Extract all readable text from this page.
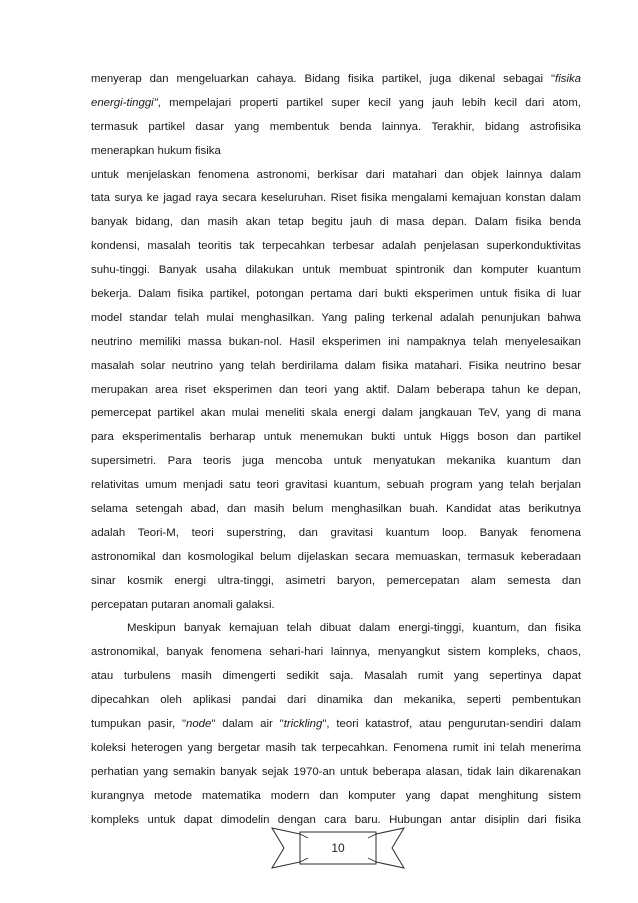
menyerap dan mengeluarkan cahaya. Bidang fisika partikel, juga dikenal sebagai "fisika
energi-tinggi", mempelajari properti partikel super kecil yang jauh lebih kecil dari atom,
termasuk partikel dasar yang membentuk benda lainnya. Terakhir, bidang astrofisika
menerapkan hukum fisika
untuk menjelaskan fenomena astronomi, berkisar dari matahari dan objek lainnya dalam
tata surya ke jagad raya secara keseluruhan. Riset fisika mengalami kemajuan konstan dalam
banyak bidang, dan masih akan tetap begitu jauh di masa depan. Dalam fisika benda
kondensi, masalah teoritis tak terpecahkan terbesar adalah penjelasan superkonduktivitas
suhu-tinggi. Banyak usaha dilakukan untuk membuat spintronik dan komputer kuantum
bekerja. Dalam fisika partikel, potongan pertama dari bukti eksperimen untuk fisika di luar
model standar telah mulai menghasilkan. Yang paling terkenal adalah penunjukan bahwa
neutrino memiliki massa bukan-nol. Hasil eksperimen ini nampaknya telah menyelesaikan
masalah solar neutrino yang telah berdirilama dalam fisika matahari. Fisika neutrino besar
merupakan area riset eksperimen dan teori yang aktif. Dalam beberapa tahun ke depan,
pemercepat partikel akan mulai meneliti skala energi dalam jangkauan TeV, yang di mana
para eksperimentalis berharap untuk menemukan bukti untuk Higgs boson dan partikel
supersimetri. Para teoris juga mencoba untuk menyatukan mekanika kuantum dan
relativitas umum menjadi satu teori gravitasi kuantum, sebuah program yang telah berjalan
selama setengah abad, dan masih belum menghasilkan buah. Kandidat atas berikutnya
adalah Teori-M, teori superstring, dan gravitasi kuantum loop. Banyak fenomena
astronomikal dan kosmologikal belum dijelaskan secara memuaskan, termasuk keberadaan
sinar kosmik energi ultra-tinggi, asimetri baryon, pemercepatan alam semesta dan
percepatan putaran anomali galaksi.
Meskipun banyak kemajuan telah dibuat dalam energi-tinggi, kuantum, dan fisika
astronomikal, banyak fenomena sehari-hari lainnya, menyangkut sistem kompleks, chaos,
atau turbulens masih dimengerti sedikit saja. Masalah rumit yang sepertinya dapat
dipecahkan oleh aplikasi pandai dari dinamika dan mekanika, seperti pembentukan
tumpukan pasir, "node" dalam air "trickling", teori katastrof, atau pengurutan-sendiri dalam
koleksi heterogen yang bergetar masih tak terpecahkan. Fenomena rumit ini telah menerima
perhatian yang semakin banyak sejak 1970-an untuk beberapa alasan, tidak lain dikarenakan
kurangnya metode matematika modern dan komputer yang dapat menghitung sistem
kompleks untuk dapat dimodelin dengan cara baru. Hubungan antar disiplin dari fisika
10
